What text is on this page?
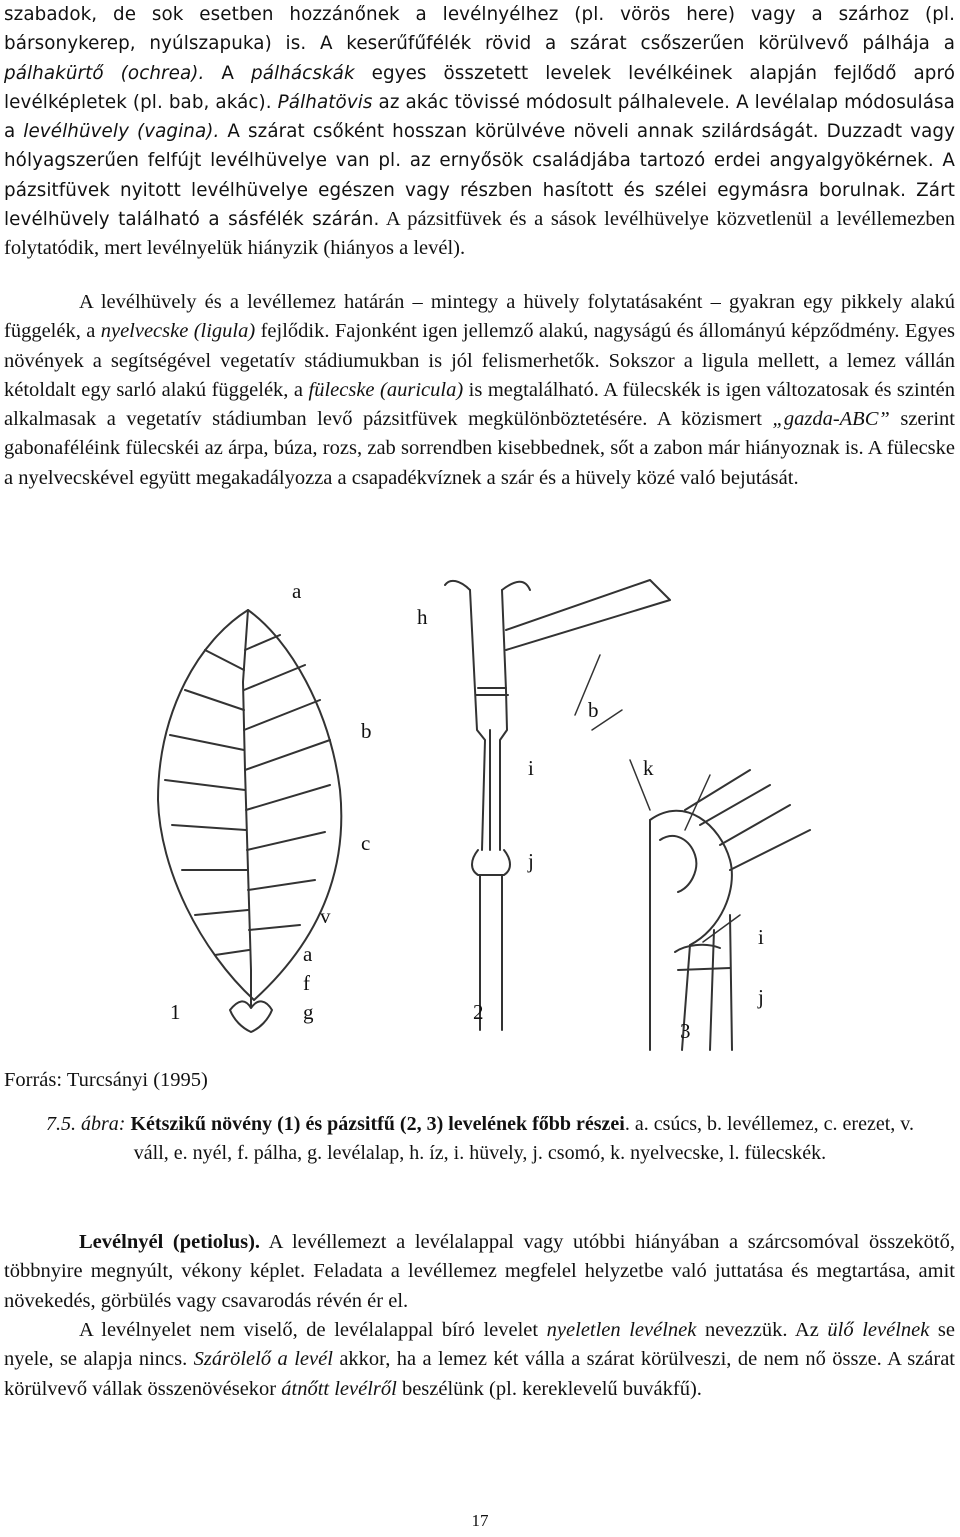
szabadok, de sok esetben hozzánőnek a levélnyélhez (pl. vörös here) vagy a szárhoz (pl. bársonykerep, nyúlszapuka) is. A keserűfűfélék rövid a szárat csőszerűen körülvevő pálhája a pálhakürtő (ochrea). A pálhácskák egyes összetett levelek levélkéinek alapján fejlődő apró levélképletek (pl. bab, akác). Pálhatövis az akác tövissé módosult pálhalevele. A levélalap módosulása a levélhüvely (vagina). A szárat csőként hosszan körülvéve növeli annak szilárdságát. Duzzadt vagy hólyagszerűen felfújt levélhüvelye van pl. az ernyősök családjába tartozó erdei angyalgyökérnek. A pázsitfüvek nyitott levélhüvelye egészen vagy részben hasított és szélei egymásra borulnak. Zárt levélhüvely található a sásfélék szárán. A pázsitfüvek és a sások levélhüvelye közvetlenül a levéllemezben folytatódik, mert levélnyelük hiányzik (hiányos a levél).

A levélhüvely és a levéllemez határán – mintegy a hüvely folytatásaként – gyakran egy pikkely alakú függelék, a nyelvecske (ligula) fejlődik. Fajonként igen jellemző alakú, nagyságú és állományú képződmény. Egyes növények a segítségével vegetatív stádiumukban is jól felismerhetők. Sokszor a ligula mellett, a lemez vállán kétoldalt egy sarló alakú függelék, a fülecske (auricula) is megtalálható. A fülecskék is igen változatosak és szintén alkalmasak a vegetatív stádiumban levő pázsitfüvek megkülönböztetésére. A közismert „gazda-ABC” szerint gabonaféléink fülecskéi az árpa, búza, rozs, zab sorrendben kisebbednek, sőt a zabon már hiányoznak is. A fülecske a nyelvecskével együtt megakadályozza a csapadékvíznek a szár és a hüvely közé való bejutását.

a
h
b
b
i	k
c
j
v
i
a
f
g
j
1	2
3
Forrás: Turcsányi (1995)
7.5. ábra: Kétszikű növény (1) és pázsitfű (2, 3) levelének főbb részei. a. csúcs, b. levéllemez, c. erezet, v. váll, e. nyél, f. pálha, g. levélalap, h. íz, i. hüvely, j. csomó, k. nyelvecske, l. fülecskék.

Levélnyél (petiolus). A levéllemezt a levélalappal vagy utóbbi hiányában a szárcsomóval összekötő, többnyire megnyúlt, vékony képlet. Feladata a levéllemez megfelel helyzetbe való juttatása és megtartása, amit növekedés, görbülés vagy csavarodás révén ér el.

A levélnyelet nem viselő, de levélalappal bíró levelet nyeletlen levélnek nevezzük. Az ülő levélnek se nyele, se alapja nincs. Szárölelő a levél akkor, ha a lemez két válla a szárat körülveszi, de nem nő össze. A szárat körülvevő vállak összenövésekor átnőtt levélről beszélünk (pl. kereklevelű buvákfű).

17
